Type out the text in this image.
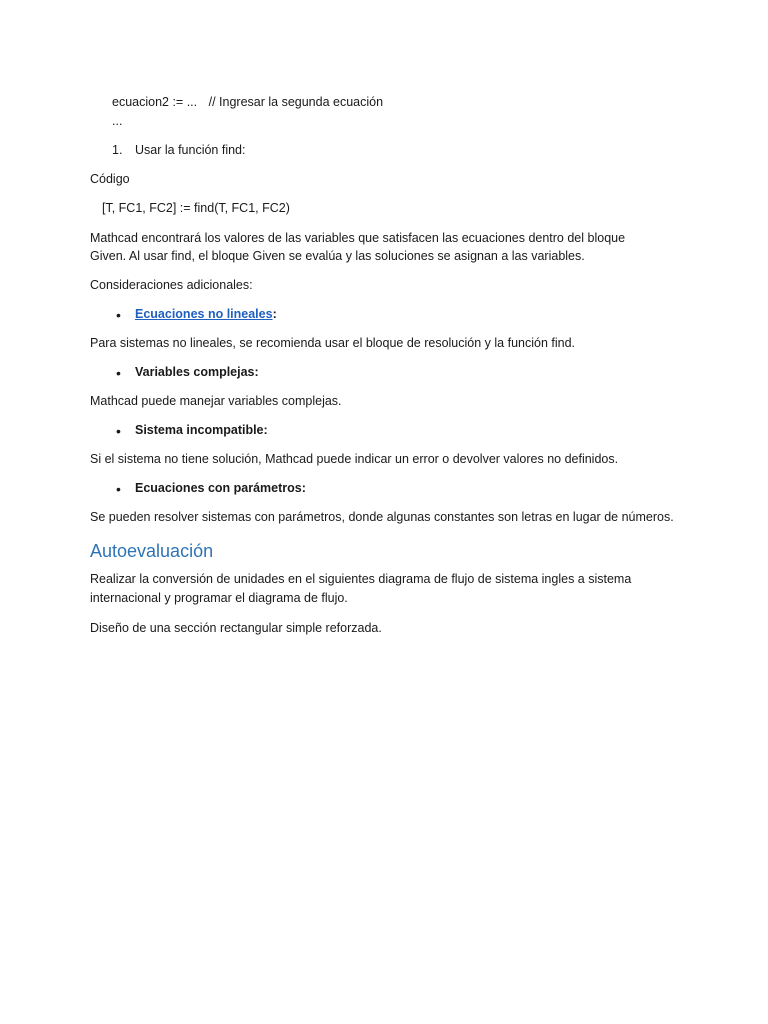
ecuacion2 := ... // Ingresar la segunda ecuación
...
1. Usar la función find:
Código
[T, FC1, FC2] := find(T, FC1, FC2)
Mathcad encontrará los valores de las variables que satisfacen las ecuaciones dentro del bloque
Given. Al usar find, el bloque Given se evalúa y las soluciones se asignan a las variables.
Consideraciones adicionales:
• Ecuaciones no lineales:
Para sistemas no lineales, se recomienda usar el bloque de resolución y la función find.
• Variables complejas:
Mathcad puede manejar variables complejas.
• Sistema incompatible:
Si el sistema no tiene solución, Mathcad puede indicar un error o devolver valores no definidos.
• Ecuaciones con parámetros:
Se pueden resolver sistemas con parámetros, donde algunas constantes son letras en lugar de números.
Autoevaluación
Realizar la conversión de unidades en el siguientes diagrama de flujo de sistema ingles a sistema
internacional y programar el diagrama de flujo.
Diseño de una sección rectangular simple reforzada.
